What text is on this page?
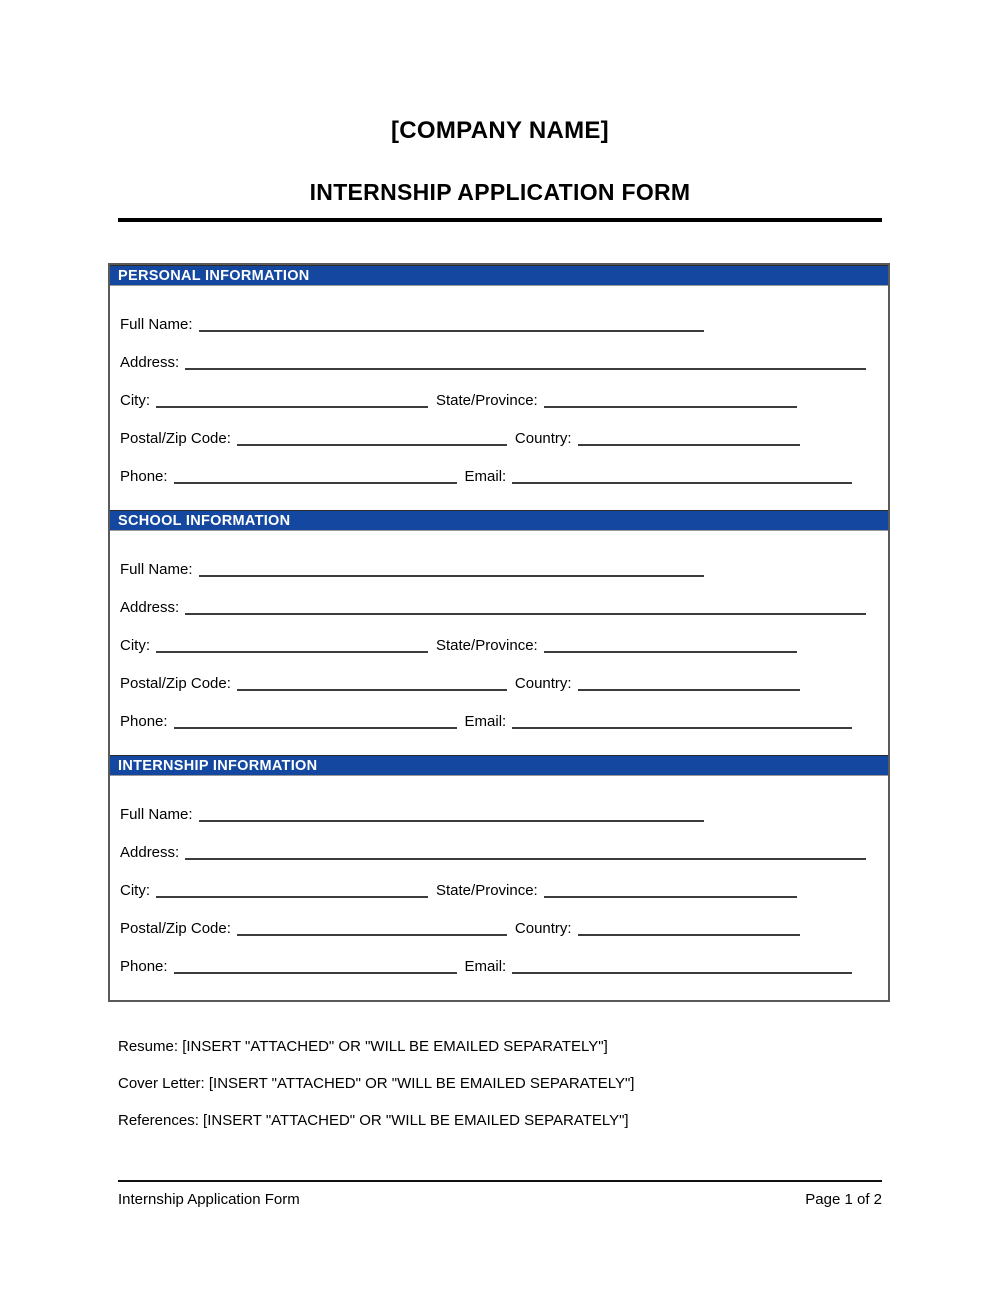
[COMPANY NAME]
INTERNSHIP APPLICATION FORM
PERSONAL INFORMATION
Full Name:
Address:
City:	State/Province:
Postal/Zip Code:	Country:
Phone:	Email:
SCHOOL INFORMATION
Full Name:
Address:
City:	State/Province:
Postal/Zip Code:	Country:
Phone:	Email:
INTERNSHIP INFORMATION
Full Name:
Address:
City:	State/Province:
Postal/Zip Code:	Country:
Phone:	Email:
Resume: [INSERT "ATTACHED" OR "WILL BE EMAILED SEPARATELY"]
Cover Letter: [INSERT "ATTACHED" OR "WILL BE EMAILED SEPARATELY"]
References: [INSERT "ATTACHED" OR "WILL BE EMAILED SEPARATELY"]
Internship Application Form	Page 1 of 2
